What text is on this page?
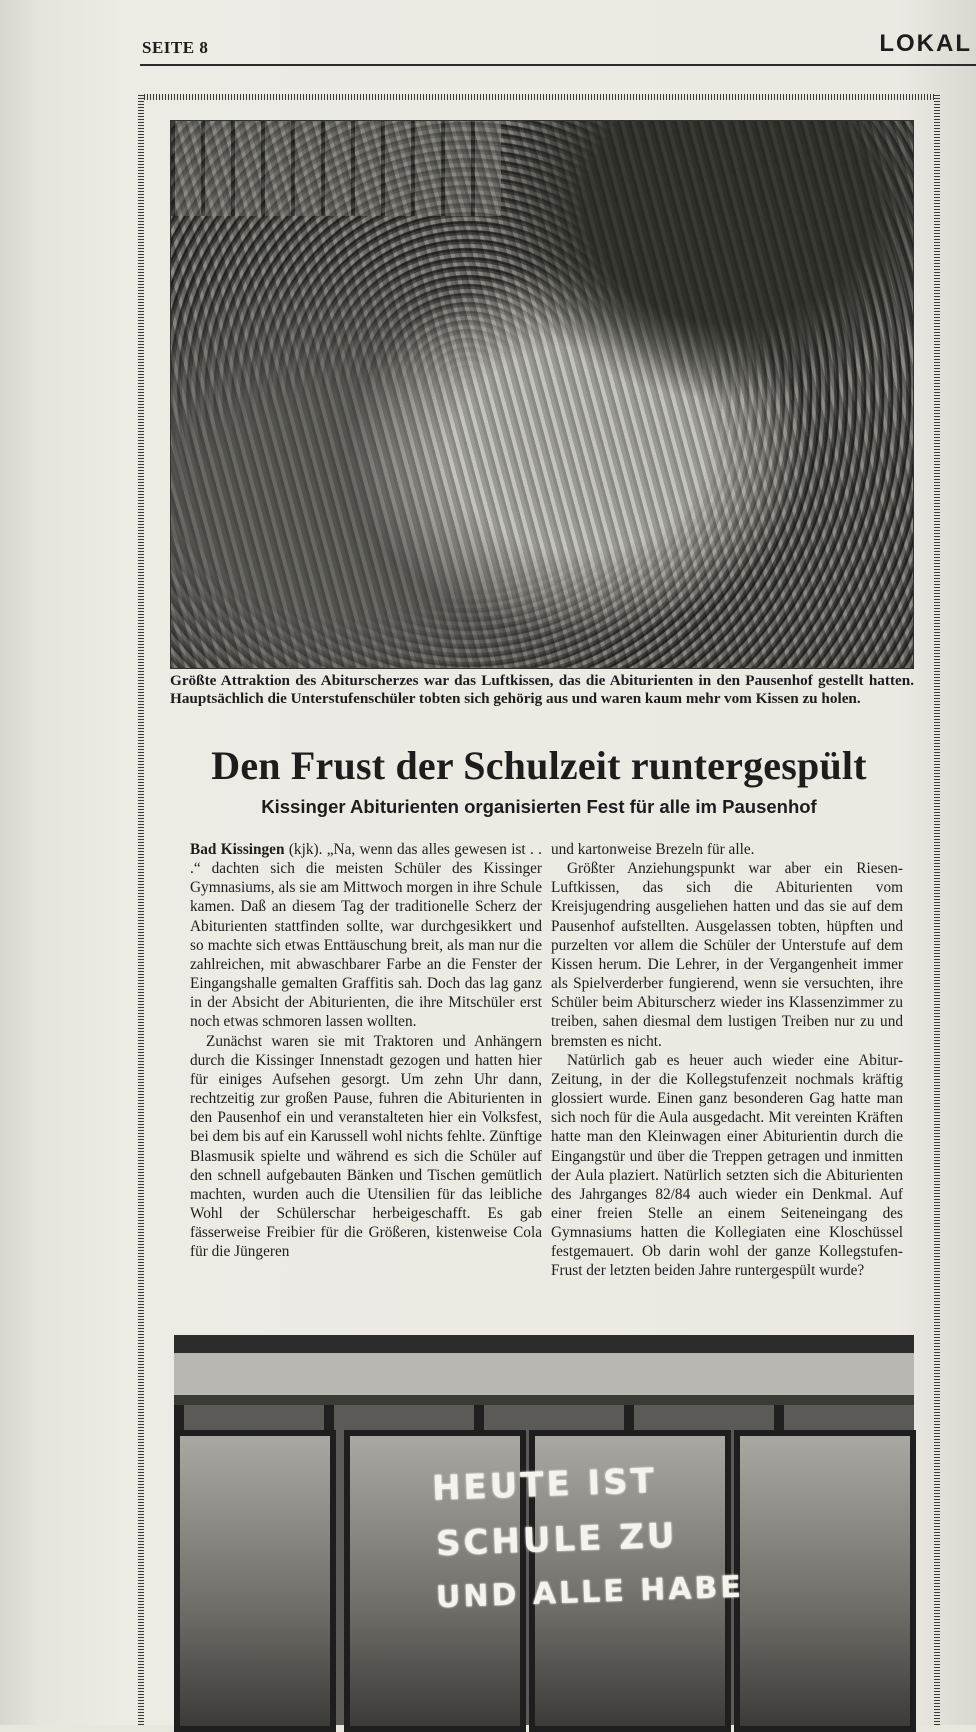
SEITE 8	LOKAL
Größte Attraktion des Abiturscherzes war das Luftkissen, das die Abiturienten in den Pausenhof gestellt hatten. Hauptsächlich die Unterstufenschüler tobten sich gehörig aus und waren kaum mehr vom Kissen zu holen.
Den Frust der Schulzeit runtergespült
Kissinger Abiturienten organisierten Fest für alle im Pausenhof

Bad Kissingen (kjk). „Na, wenn das alles gewesen ist . . .“ dachten sich die meisten Schüler des Kissinger Gymnasiums, als sie am Mittwoch morgen in ihre Schule kamen. Daß an diesem Tag der traditionelle Scherz der Abiturienten stattfinden sollte, war durchgesikkert und so machte sich etwas Enttäuschung breit, als man nur die zahlreichen, mit abwaschbarer Farbe an die Fenster der Eingangshalle gemalten Graffitis sah. Doch das lag ganz in der Absicht der Abiturienten, die ihre Mitschüler erst noch etwas schmoren lassen wollten.

Zunächst waren sie mit Traktoren und Anhängern durch die Kissinger Innenstadt gezogen und hatten hier für einiges Aufsehen gesorgt. Um zehn Uhr dann, rechtzeitig zur großen Pause, fuhren die Abiturienten in den Pausenhof ein und veranstalteten hier ein Volksfest, bei dem bis auf ein Karussell wohl nichts fehlte. Zünftige Blasmusik spielte und während es sich die Schüler auf den schnell aufgebauten Bänken und Tischen gemütlich machten, wurden auch die Utensilien für das leibliche Wohl der Schülerschar herbeigeschafft. Es gab fässerweise Freibier für die Größeren, kistenweise Cola für die Jüngeren

und kartonweise Brezeln für alle.

Größter Anziehungspunkt war aber ein Riesen-Luftkissen, das sich die Abiturienten vom Kreisjugendring ausgeliehen hatten und das sie auf dem Pausenhof aufstellten. Ausgelassen tobten, hüpften und purzelten vor allem die Schüler der Unterstufe auf dem Kissen herum. Die Lehrer, in der Vergangenheit immer als Spielverderber fungierend, wenn sie versuchten, ihre Schüler beim Abiturscherz wieder ins Klassenzimmer zu treiben, sahen diesmal dem lustigen Treiben nur zu und bremsten es nicht.

Natürlich gab es heuer auch wieder eine Abitur-Zeitung, in der die Kollegstufenzeit nochmals kräftig glossiert wurde. Einen ganz besonderen Gag hatte man sich noch für die Aula ausgedacht. Mit vereinten Kräften hatte man den Kleinwagen einer Abiturientin durch die Eingangstür und über die Treppen getragen und inmitten der Aula plaziert. Natürlich setzten sich die Abiturienten des Jahrganges 82/84 auch wieder ein Denkmal. Auf einer freien Stelle an einem Seiteneingang des Gymnasiums hatten die Kollegiaten eine Kloschüssel festgemauert. Ob darin wohl der ganze Kollegstufen-Frust der letzten beiden Jahre runtergespült wurde?

HEUTE IST
SCHULE ZU
UND ALLE HABE
